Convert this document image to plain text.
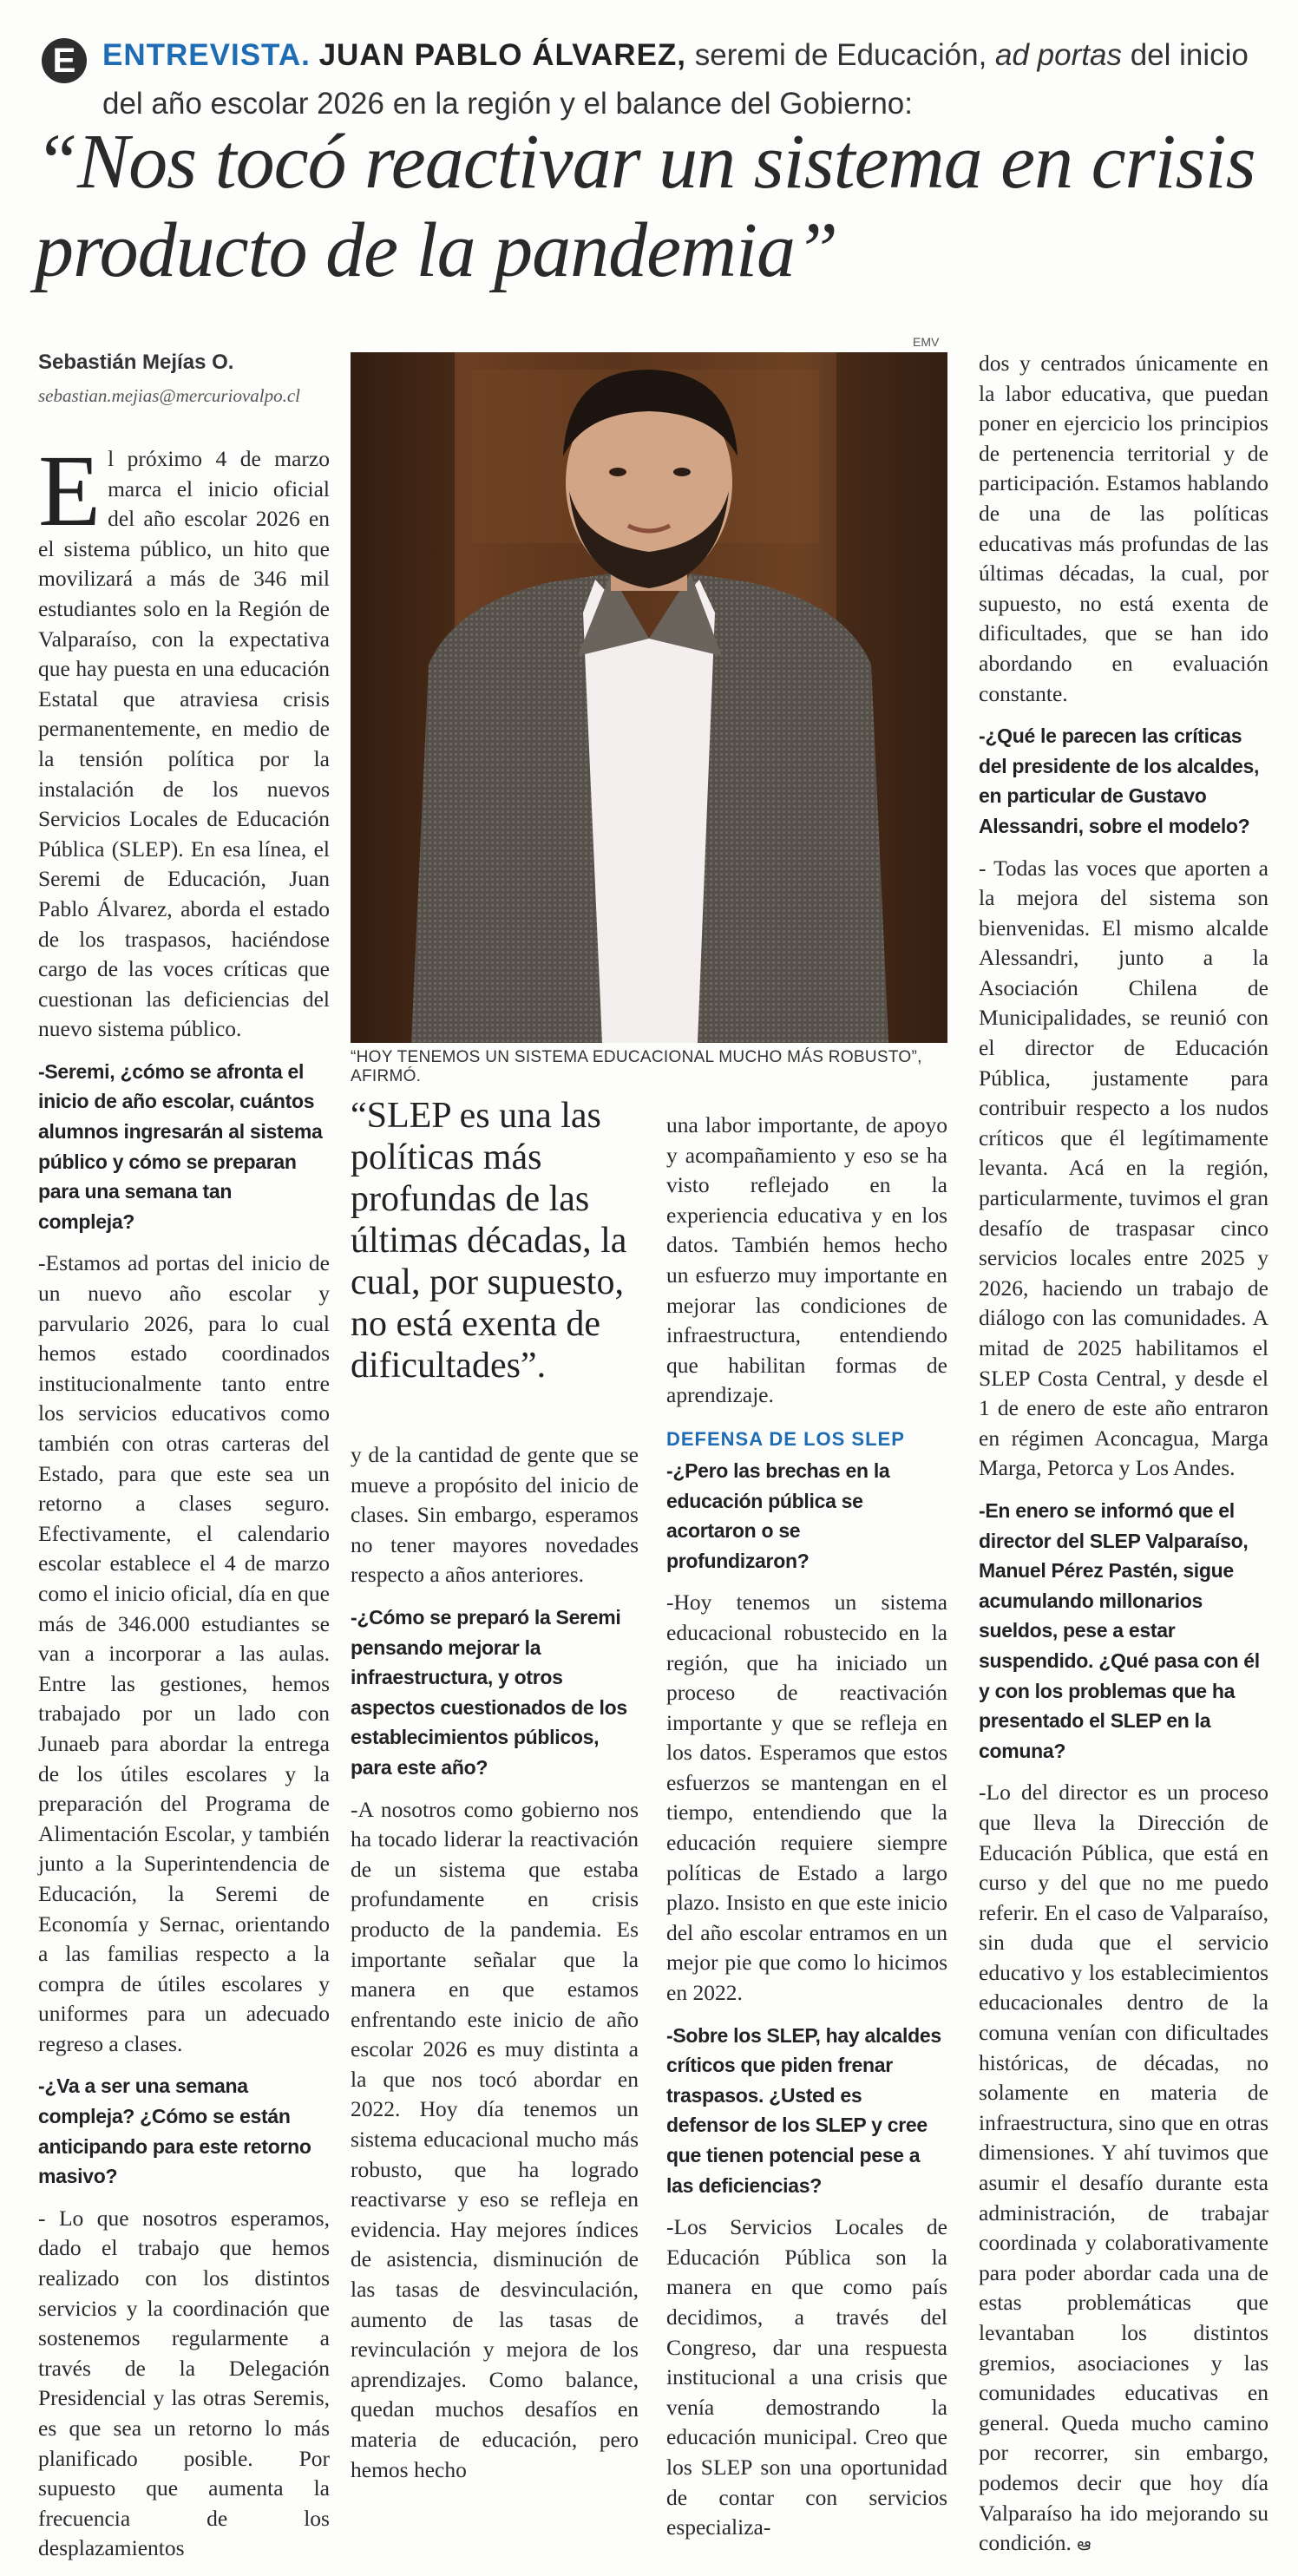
E ENTREVISTA. JUAN PABLO ÁLVAREZ, seremi de Educación, ad portas del inicio del año escolar 2026 en la región y el balance del Gobierno:
“Nos tocó reactivar un sistema en crisis producto de la pandemia”
Sebastián Mejías O.
sebastian.mejias@mercuriovalpo.cl
EMV
“HOY TENEMOS UN SISTEMA EDUCACIONAL MUCHO MÁS ROBUSTO”, AFIRMÓ.
“SLEP es una las políticas más profundas de las últimas décadas, la cual, por supuesto, no está exenta de dificultades”.

El próximo 4 de marzo marca el inicio oficial del año escolar 2026 en el sistema público, un hito que movilizará a más de 346 mil estudiantes solo en la Región de Valparaíso, con la expectativa que hay puesta en una educación Estatal que atraviesa crisis permanentemente, en medio de la tensión política por la instalación de los nuevos Servicios Locales de Educación Pública (SLEP). En esa línea, el Seremi de Educación, Juan Pablo Álvarez, aborda el estado de los traspasos, haciéndose cargo de las voces críticas que cuestionan las deficiencias del nuevo sistema público.

-Seremi, ¿cómo se afronta el inicio de año escolar, cuántos alumnos ingresarán al sistema público y cómo se preparan para una semana tan compleja?

-Estamos ad portas del inicio de un nuevo año escolar y parvulario 2026, para lo cual hemos estado coordinados institucionalmente tanto entre los servicios educativos como también con otras carteras del Estado, para que este sea un retorno a clases seguro. Efectivamente, el calendario escolar establece el 4 de marzo como el inicio oficial, día en que más de 346.000 estudiantes se van a incorporar a las aulas. Entre las gestiones, hemos trabajado por un lado con Junaeb para abordar la entrega de los útiles escolares y la preparación del Programa de Alimentación Escolar, y también junto a la Superintendencia de Educación, la Seremi de Economía y Sernac, orientando a las familias respecto a la compra de útiles escolares y uniformes para un adecuado regreso a clases.

-¿Va a ser una semana compleja? ¿Cómo se están anticipando para este retorno masivo?

- Lo que nosotros esperamos, dado el trabajo que hemos realizado con los distintos servicios y la coordinación que sostenemos regularmente a través de la Delegación Presidencial y las otras Seremis, es que sea un retorno lo más planificado posible. Por supuesto que aumenta la frecuencia de los desplazamientos

y de la cantidad de gente que se mueve a propósito del inicio de clases. Sin embargo, esperamos no tener mayores novedades respecto a años anteriores.

-¿Cómo se preparó la Seremi pensando mejorar la infraestructura, y otros aspectos cuestionados de los establecimientos públicos, para este año?

-A nosotros como gobierno nos ha tocado liderar la reactivación de un sistema que estaba profundamente en crisis producto de la pandemia. Es importante señalar que la manera en que estamos enfrentando este inicio de año escolar 2026 es muy distinta a la que nos tocó abordar en 2022. Hoy día tenemos un sistema educacional mucho más robusto, que ha logrado reactivarse y eso se refleja en evidencia. Hay mejores índices de asistencia, disminución de las tasas de desvinculación, aumento de las tasas de revinculación y mejora de los aprendizajes. Como balance, quedan muchos desafíos en materia de educación, pero hemos hecho

una labor importante, de apoyo y acompañamiento y eso se ha visto reflejado en la experiencia educativa y en los datos. También hemos hecho un esfuerzo muy importante en mejorar las condiciones de infraestructura, entendiendo que habilitan formas de aprendizaje.

DEFENSA DE LOS SLEP

-¿Pero las brechas en la educación pública se acortaron o se profundizaron?

-Hoy tenemos un sistema educacional robustecido en la región, que ha iniciado un proceso de reactivación importante y que se refleja en los datos. Esperamos que estos esfuerzos se mantengan en el tiempo, entendiendo que la educación requiere siempre políticas de Estado a largo plazo. Insisto en que este inicio del año escolar entramos en un mejor pie que como lo hicimos en 2022.

-Sobre los SLEP, hay alcaldes críticos que piden frenar traspasos. ¿Usted es defensor de los SLEP y cree que tienen potencial pese a las deficiencias?

-Los Servicios Locales de Educación Pública son la manera en que como país decidimos, a través del Congreso, dar una respuesta institucional a una crisis que venía demostrando la educación municipal. Creo que los SLEP son una oportunidad de contar con servicios especializa-

dos y centrados únicamente en la labor educativa, que puedan poner en ejercicio los principios de pertenencia territorial y de participación. Estamos hablando de una de las políticas educativas más profundas de las últimas décadas, la cual, por supuesto, no está exenta de dificultades, que se han ido abordando en evaluación constante.

-¿Qué le parecen las críticas del presidente de los alcaldes, en particular de Gustavo Alessandri, sobre el modelo?

- Todas las voces que aporten a la mejora del sistema son bienvenidas. El mismo alcalde Alessandri, junto a la Asociación Chilena de Municipalidades, se reunió con el director de Educación Pública, justamente para contribuir respecto a los nudos críticos que él legítimamente levanta. Acá en la región, particularmente, tuvimos el gran desafío de traspasar cinco servicios locales entre 2025 y 2026, haciendo un trabajo de diálogo con las comunidades. A mitad de 2025 habilitamos el SLEP Costa Central, y desde el 1 de enero de este año entraron en régimen Aconcagua, Marga Marga, Petorca y Los Andes.

-En enero se informó que el director del SLEP Valparaíso, Manuel Pérez Pastén, sigue acumulando millonarios sueldos, pese a estar suspendido. ¿Qué pasa con él y con los problemas que ha presentado el SLEP en la comuna?

-Lo del director es un proceso que lleva la Dirección de Educación Pública, que está en curso y del que no me puedo referir. En el caso de Valparaíso, sin duda que el servicio educativo y los establecimientos educacionales dentro de la comuna venían con dificultades históricas, de décadas, no solamente en materia de infraestructura, sino que en otras dimensiones. Y ahí tuvimos que asumir el desafío durante esta administración, de trabajar coordinada y colaborativamente para poder abordar cada una de estas problemáticas que levantaban los distintos gremios, asociaciones y las comunidades educativas en general. Queda mucho camino por recorrer, sin embargo, podemos decir que hoy día Valparaíso ha ido mejorando su condición. ఆ
